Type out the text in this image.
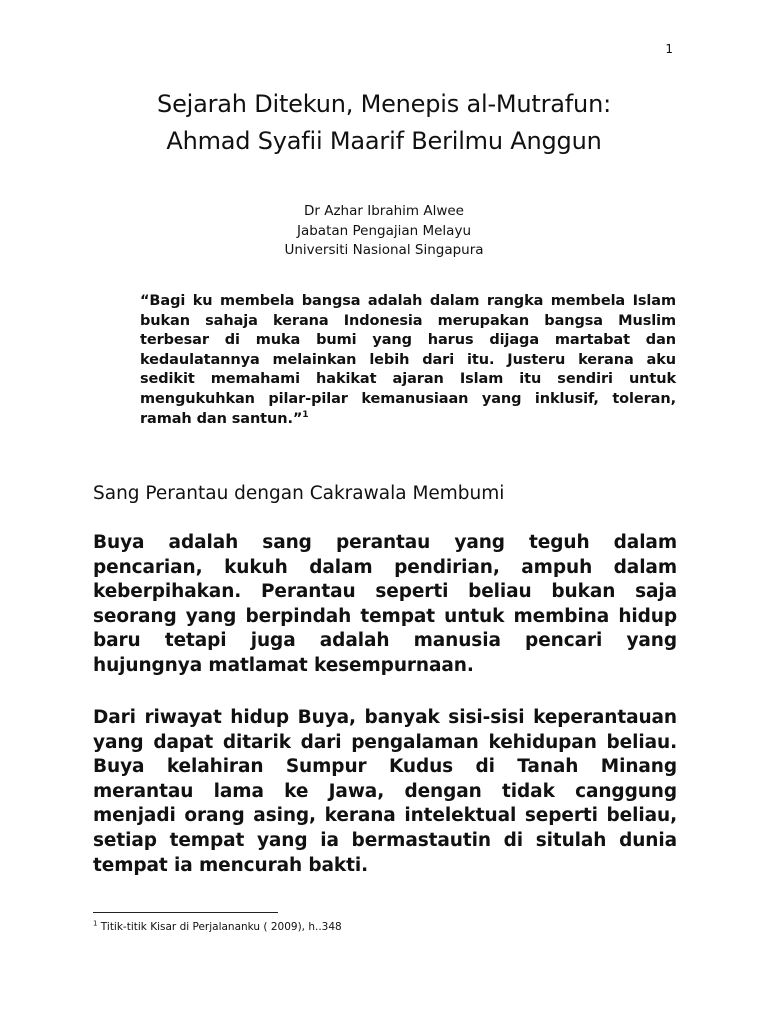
1
Sejarah Ditekun, Menepis al-Mutrafun:
Ahmad Syafii Maarif Berilmu Anggun
Dr Azhar Ibrahim Alwee
Jabatan Pengajian Melayu
Universiti Nasional Singapura
“Bagi ku membela bangsa adalah dalam rangka membela Islam bukan sahaja kerana Indonesia merupakan bangsa Muslim terbesar di muka bumi yang harus dijaga martabat dan kedaulatannya melainkan lebih dari itu. Justeru kerana aku sedikit memahami hakikat ajaran Islam itu sendiri untuk mengukuhkan pilar-pilar kemanusiaan yang inklusif, toleran, ramah dan santun.”$^1$
Sang Perantau dengan Cakrawala Membumi

Buya adalah sang perantau yang teguh dalam pencarian, kukuh dalam pendirian, ampuh dalam keberpihakan. Perantau seperti beliau bukan saja seorang yang berpindah tempat untuk membina hidup baru tetapi juga adalah manusia pencari yang hujungnya matlamat kesempurnaan.

Dari riwayat hidup Buya, banyak sisi-sisi keperantauan yang dapat ditarik dari pengalaman kehidupan beliau. Buya kelahiran Sumpur Kudus di Tanah Minang merantau lama ke Jawa, dengan tidak canggung menjadi orang asing, kerana intelektual seperti beliau, setiap tempat yang ia bermastautin di situlah dunia tempat ia mencurah bakti.

$^1$ Titik-titik Kisar di Perjalananku ( 2009), h..348
